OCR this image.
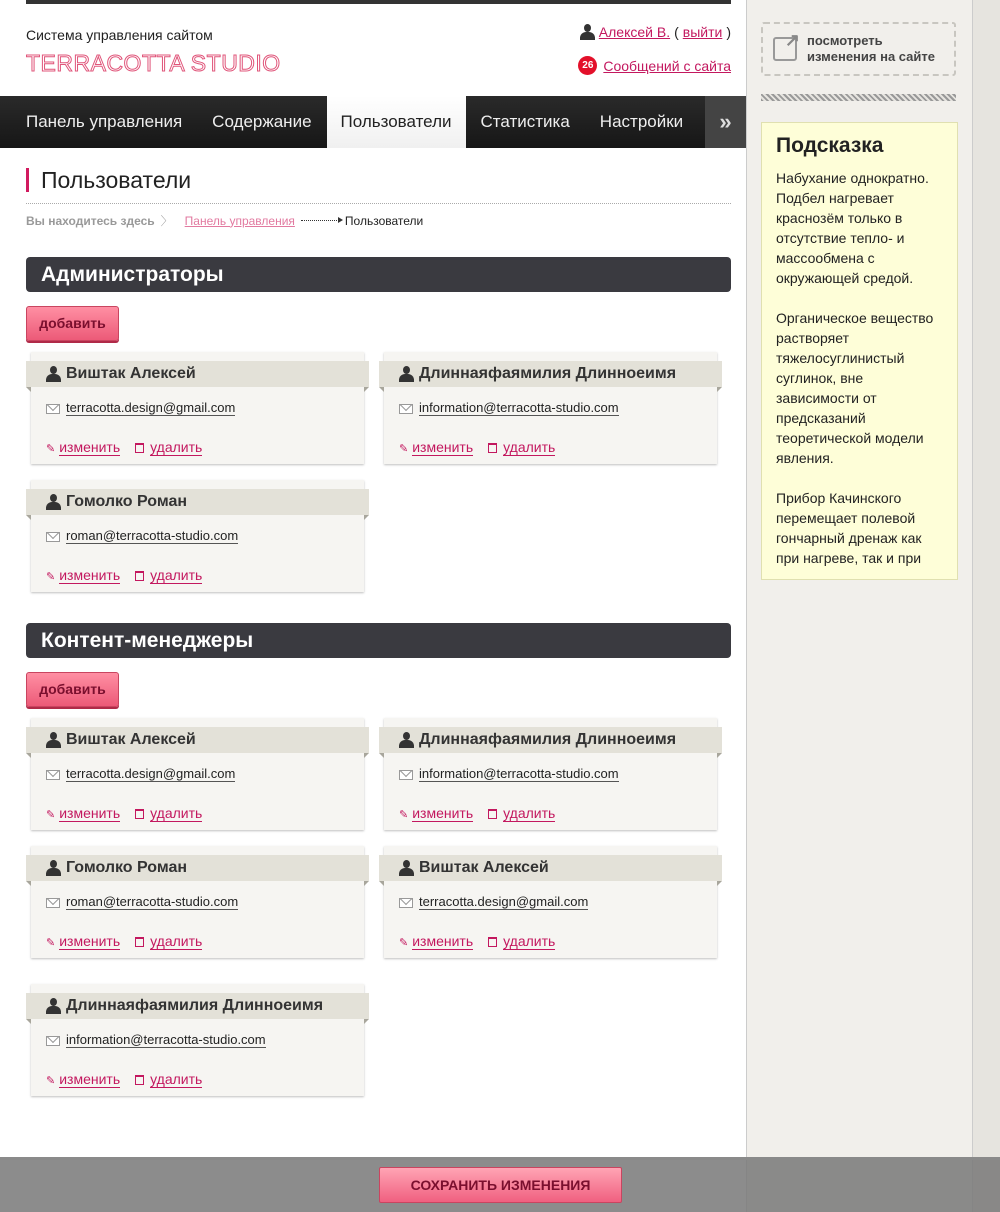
Система управления сайтом
TERRACOTTA STUDIO
Алексей В. ( выйти )
26 Сообщений с сайта
Панель управления	Содержание	Пользователи	Статистика	Настройки	»
Пользователи
Вы находитесь здесь 〉 Панель управления	Пользователи
Администраторы
добавить
Виштак Алексей
terracotta.design@gmail.com
✎ изменить удалить
Длиннаяфаямилия Длинноеимя
information@terracotta-studio.com
✎ изменить удалить
Гомолко Роман
roman@terracotta-studio.com
✎ изменить удалить
Контент-менеджеры
добавить
Виштак Алексей
terracotta.design@gmail.com
✎ изменить удалить
Длиннаяфаямилия Длинноеимя
information@terracotta-studio.com
✎ изменить удалить
Гомолко Роман
roman@terracotta-studio.com
✎ изменить удалить
Виштак Алексей
terracotta.design@gmail.com
✎ изменить удалить
Длиннаяфаямилия Длинноеимя
information@terracotta-studio.com
✎ изменить удалить
↗
посмотреть
изменения на сайте
Подсказка

Набухание однократно. Подбел нагревает краснозём только в отсутствие тепло- и массообмена с окружающей средой.

Органическое вещество растворяет тяжелосуглинистый суглинок, вне зависимости от предсказаний теоретической модели явления.

Прибор Качинского перемещает полевой гончарный дренаж как при нагреве, так и при

СОХРАНИТЬ ИЗМЕНЕНИЯ
